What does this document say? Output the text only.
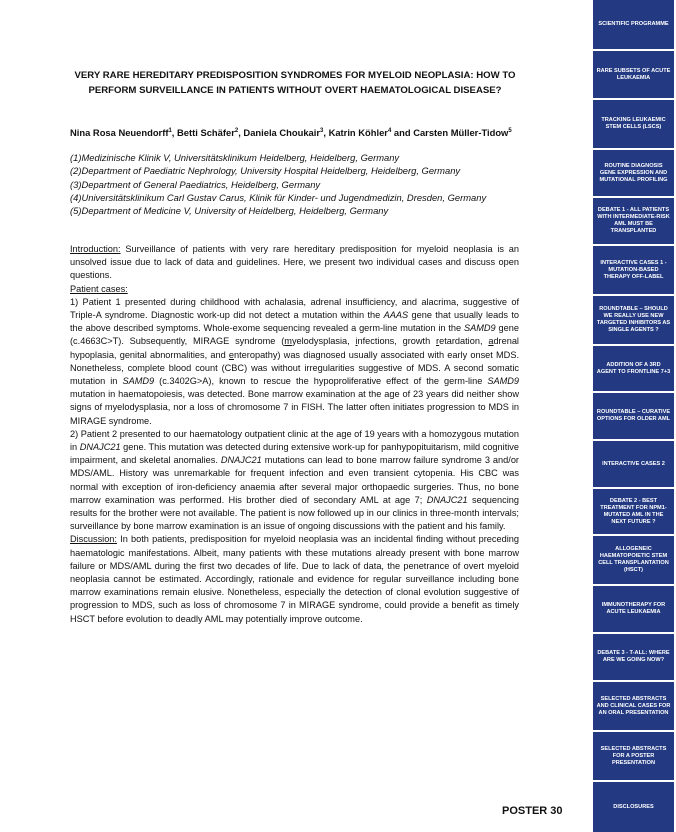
VERY RARE HEREDITARY PREDISPOSITION SYNDROMES FOR MYELOID NEOPLASIA: HOW TO PERFORM SURVEILLANCE IN PATIENTS WITHOUT OVERT HAEMATOLOGICAL DISEASE?
Nina Rosa Neuendorff$^1$, Betti Schäfer$^2$, Daniela Choukair$^3$, Katrin Köhler$^4$ and Carsten Müller-Tidow$^5$
(1)Medizinische Klinik V, Universitätsklinikum Heidelberg, Heidelberg, Germany
(2)Department of Paediatric Nephrology, University Hospital Heidelberg, Heidelberg, Germany
(3)Department of General Paediatrics, Heidelberg, Germany
(4)Universitätsklinikum Carl Gustav Carus, Klinik für Kinder- und Jugendmedizin, Dresden, Germany
(5)Department of Medicine V, University of Heidelberg, Heidelberg, Germany

Introduction: Surveillance of patients with very rare hereditary predisposition for myeloid neoplasia is an unsolved issue due to lack of data and guidelines. Here, we present two individual cases and discuss open questions.

Patient cases:

1) Patient 1 presented during childhood with achalasia, adrenal insufficiency, and alacrima, suggestive of Triple-A syndrome. Diagnostic work-up did not detect a mutation within the AAAS gene that usually leads to the above described symptoms. Whole-exome sequencing revealed a germ-line mutation in the SAMD9 gene (c.4663C>T). Subsequently, MIRAGE syndrome (myelodysplasia, infections, growth retardation, adrenal hypoplasia, genital abnormalities, and enteropathy) was diagnosed usually associated with early onset MDS. Nonetheless, complete blood count (CBC) was without irregularities suggestive of MDS. A second somatic mutation in SAMD9 (c.3402G>A), known to rescue the hypoproliferative effect of the germ-line SAMD9 mutation in haematopoiesis, was detected. Bone marrow examination at the age of 23 years did neither show signs of myelodysplasia, nor a loss of chromosome 7 in FISH. The latter often initiates progression to MDS in MIRAGE syndrome.

2) Patient 2 presented to our haematology outpatient clinic at the age of 19 years with a homozygous mutation in DNAJC21 gene. This mutation was detected during extensive work-up for panhypopituitarism, mild cognitive impairment, and skeletal anomalies. DNAJC21 mutations can lead to bone marrow failure syndrome 3 and/or MDS/AML. History was unremarkable for frequent infection and even transient cytopenia. His CBC was normal with exception of iron-deficiency anaemia after several major orthopaedic surgeries. Thus, no bone marrow examination was performed. His brother died of secondary AML at age 7; DNAJC21 sequencing results for the brother were not available. The patient is now followed up in our clinics in three-month intervals; surveillance by bone marrow examination is an issue of ongoing discussions with the patient and his family.

Discussion: In both patients, predisposition for myeloid neoplasia was an incidental finding without preceding haematologic manifestations. Albeit, many patients with these mutations already present with bone marrow failure or MDS/AML during the first two decades of life. Due to lack of data, the penetrance of overt myeloid neoplasia cannot be estimated. Accordingly, rationale and evidence for regular surveillance including bone marrow examinations remain elusive. Nonetheless, especially the detection of clonal evolution suggestive of progression to MDS, such as loss of chromosome 7 in MIRAGE syndrome, could provide a benefit as timely HSCT before evolution to deadly AML may potentially improve outcome.

POSTER 30
SCIENTIFIC PROGRAMME
RARE SUBSETS OF ACUTE LEUKAEMIA
TRACKING LEUKAEMIC STEM CELLS (LSCS)
ROUTINE DIAGNOSIS GENE EXPRESSION AND MUTATIONAL PROFILING
DEBATE 1 - ALL PATIENTS WITH INTERMEDIATE-RISK AML MUST BE TRANSPLANTED
INTERACTIVE CASES 1 - MUTATION-BASED THERAPY OFF-LABEL
ROUNDTABLE – SHOULD WE REALLY USE NEW TARGETED INHIBITORS AS SINGLE AGENTS ?
ADDITION OF A 3RD AGENT TO FRONTLINE 7+3
ROUNDTABLE – CURATIVE OPTIONS FOR OLDER AML
INTERACTIVE CASES 2
DEBATE 2 - BEST TREATMENT FOR NPM1-MUTATED AML IN THE NEXT FUTURE ?
ALLOGENEIC HAEMATOPOIETIC STEM CELL TRANSPLANTATION (HSCT)
IMMUNOTHERAPY FOR ACUTE LEUKAEMIA
DEBATE 3 - T-ALL: WHERE ARE WE GOING NOW?
SELECTED ABSTRACTS AND CLINICAL CASES FOR AN ORAL PRESENTATION
SELECTED ABSTRACTS FOR A POSTER PRESENTATION
DISCLOSURES
